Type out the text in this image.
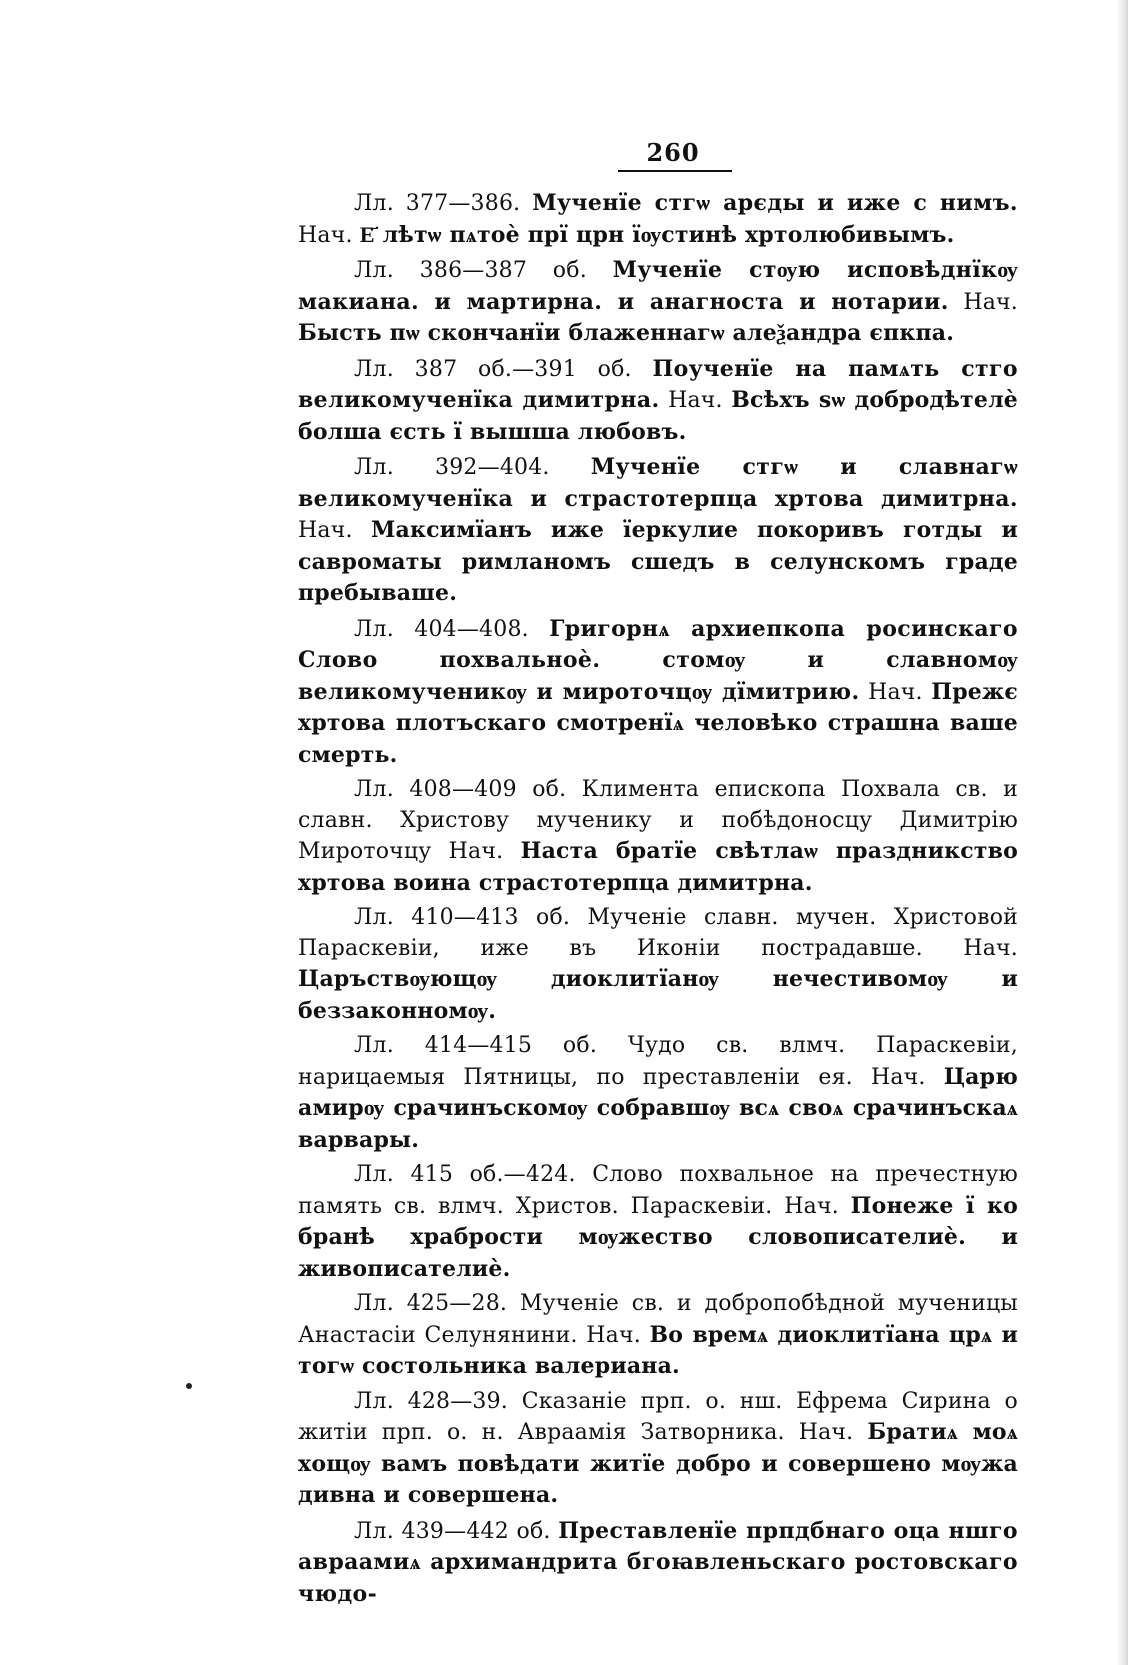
260

Лл. 377—386. Мученїе стгѡ арєды и иже с нимъ. Нач. Е҃ лѣтѡ пѧтоѐ прї црн їѹстинѣ хртолюбивымъ.

Лл. 386—387 об. Мученїе стѹю исповѣднїкѹ макиана. и мартирна. и анагноста и нотарии. Нач. Бысть пѡ скончанїи блаженнагѡ алеѯандра єпкпа.

Лл. 387 об.—391 об. Поученїе на памѧть стго великомученїка димитрна. Нач. Всѣхъ ѕѡ добродѣтелѐ болша єсть ї вышша любовъ.

Лл. 392—404. Мученїе стгѡ и славнагѡ великомученїка и страстотерпца хртова димитрна. Нач. Максимїанъ иже їеркулие покоривъ готды и савроматы римланомъ сшедъ в селунскомъ граде пребываше.

Лл. 404—408. Григорнѧ архиепкопа росинскаго Слово похвальноѐ. стомѹ и славномѹ великомученикѹ и мироточцѹ дїмитрию. Нач. Прежє хртова плотъскаго смотренїѧ человѣко страшна ваше смерть.

Лл. 408—409 об. Климента епископа Похвала св. и славн. Христову мученику и побѣдоносцу Димитрію Мироточцу Нач. Наста братїе свѣтлаѡ праздникство хртова воина страстотерпца димитрна.

Лл. 410—413 об. Мученіе славн. мучен. Христовой Параскевіи, иже въ Иконіи пострадавше. Нач. Царъствѹющѹ диоклитїанѹ нечестивомѹ и беззаконномѹ.

Лл. 414—415 об. Чудо св. влмч. Параскевіи, нарицаемыя Пятницы, по преставленіи ея. Нач. Царю амирѹ срачинъскомѹ собравшѹ всѧ своѧ срачинъскаѧ варвары.

Лл. 415 об.—424. Слово похвальное на пречестную память св. влмч. Христов. Параскевіи. Нач. Понеже ї ко бранѣ храбрости мѹжество словописателиѐ. и живописателиѐ.

Лл. 425—28. Мученіе св. и добропобѣдной мученицы Анастасіи Селунянини. Нач. Во времѧ диоклитїана црѧ и тогѡ состольника валериана.

Лл. 428—39. Сказаніе прп. о. нш. Ефрема Сирина о житіи прп. о. н. Авраамія Затворника. Нач. Братиѧ моѧ хощѹ вамъ повѣдати житїе добро и совершено мѹжа дивна и совершена.

Лл. 439—442 об. Преставленїе прпдбнаго оца ншго авраамиѧ архимандрита бгоꙗвленьскаго ростовскаго чюдо-
